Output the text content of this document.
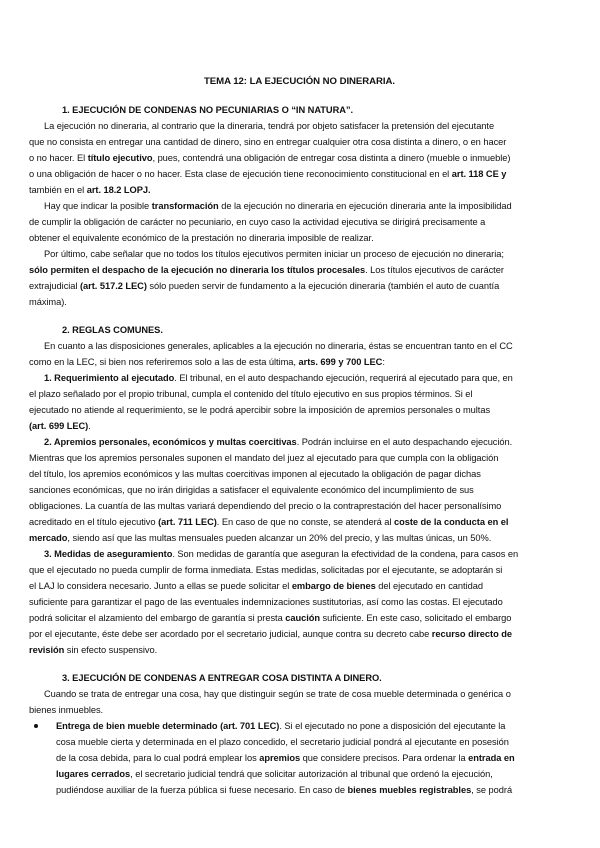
TEMA 12: LA EJECUCIÓN NO DINERARIA.
1. EJECUCIÓN DE CONDENAS NO PECUNIARIAS O “IN NATURA”.
La ejecución no dineraria, al contrario que la dineraria, tendrá por objeto satisfacer la pretensión del ejecutante
que no consista en entregar una cantidad de dinero, sino en entregar cualquier otra cosa distinta a dinero, o en hacer
o no hacer. El título ejecutivo, pues, contendrá una obligación de entregar cosa distinta a dinero (mueble o inmueble)
o una obligación de hacer o no hacer. Esta clase de ejecución tiene reconocimiento constitucional en el art. 118 CE y
también en el art. 18.2 LOPJ.
Hay que indicar la posible transformación de la ejecución no dineraria en ejecución dineraria ante la imposibilidad
de cumplir la obligación de carácter no pecuniario, en cuyo caso la actividad ejecutiva se dirigirá precisamente a
obtener el equivalente económico de la prestación no dineraria imposible de realizar.
Por último, cabe señalar que no todos los títulos ejecutivos permiten iniciar un proceso de ejecución no dineraria;
sólo permiten el despacho de la ejecución no dineraria los títulos procesales. Los títulos ejecutivos de carácter
extrajudicial (art. 517.2 LEC) sólo pueden servir de fundamento a la ejecución dineraria (también el auto de cuantía
máxima).
2. REGLAS COMUNES.
En cuanto a las disposiciones generales, aplicables a la ejecución no dineraria, éstas se encuentran tanto en el CC
como en la LEC, si bien nos referiremos solo a las de esta última, arts. 699 y 700 LEC:
1. Requerimiento al ejecutado. El tribunal, en el auto despachando ejecución, requerirá al ejecutado para que, en
el plazo señalado por el propio tribunal, cumpla el contenido del título ejecutivo en sus propios términos. Si el
ejecutado no atiende al requerimiento, se le podrá apercibir sobre la imposición de apremios personales o multas
(art. 699 LEC).
2. Apremios personales, económicos y multas coercitivas. Podrán incluirse en el auto despachando ejecución.
Mientras que los apremios personales suponen el mandato del juez al ejecutado para que cumpla con la obligación
del título, los apremios económicos y las multas coercitivas imponen al ejecutado la obligación de pagar dichas
sanciones económicas, que no irán dirigidas a satisfacer el equivalente económico del incumplimiento de sus
obligaciones. La cuantía de las multas variará dependiendo del precio o la contraprestación del hacer personalísimo
acreditado en el título ejecutivo (art. 711 LEC). En caso de que no conste, se atenderá al coste de la conducta en el
mercado, siendo así que las multas mensuales pueden alcanzar un 20% del precio, y las multas únicas, un 50%.
3. Medidas de aseguramiento. Son medidas de garantía que aseguran la efectividad de la condena, para casos en
que el ejecutado no pueda cumplir de forma inmediata. Estas medidas, solicitadas por el ejecutante, se adoptarán si
el LAJ lo considera necesario. Junto a ellas se puede solicitar el embargo de bienes del ejecutado en cantidad
suficiente para garantizar el pago de las eventuales indemnizaciones sustitutorias, así como las costas. El ejecutado
podrá solicitar el alzamiento del embargo de garantía si presta caución suficiente. En este caso, solicitado el embargo
por el ejecutante, éste debe ser acordado por el secretario judicial, aunque contra su decreto cabe recurso directo de
revisión sin efecto suspensivo.
3. EJECUCIÓN DE CONDENAS A ENTREGAR COSA DISTINTA A DINERO.
Cuando se trata de entregar una cosa, hay que distinguir según se trate de cosa mueble determinada o genérica o
bienes inmuebles.
Entrega de bien mueble determinado (art. 701 LEC). Si el ejecutado no pone a disposición del ejecutante la
cosa mueble cierta y determinada en el plazo concedido, el secretario judicial pondrá al ejecutante en posesión
de la cosa debida, para lo cual podrá emplear los apremios que considere precisos. Para ordenar la entrada en
lugares cerrados, el secretario judicial tendrá que solicitar autorización al tribunal que ordenó la ejecución,
pudiéndose auxiliar de la fuerza pública si fuese necesario. En caso de bienes muebles registrables, se podrá
